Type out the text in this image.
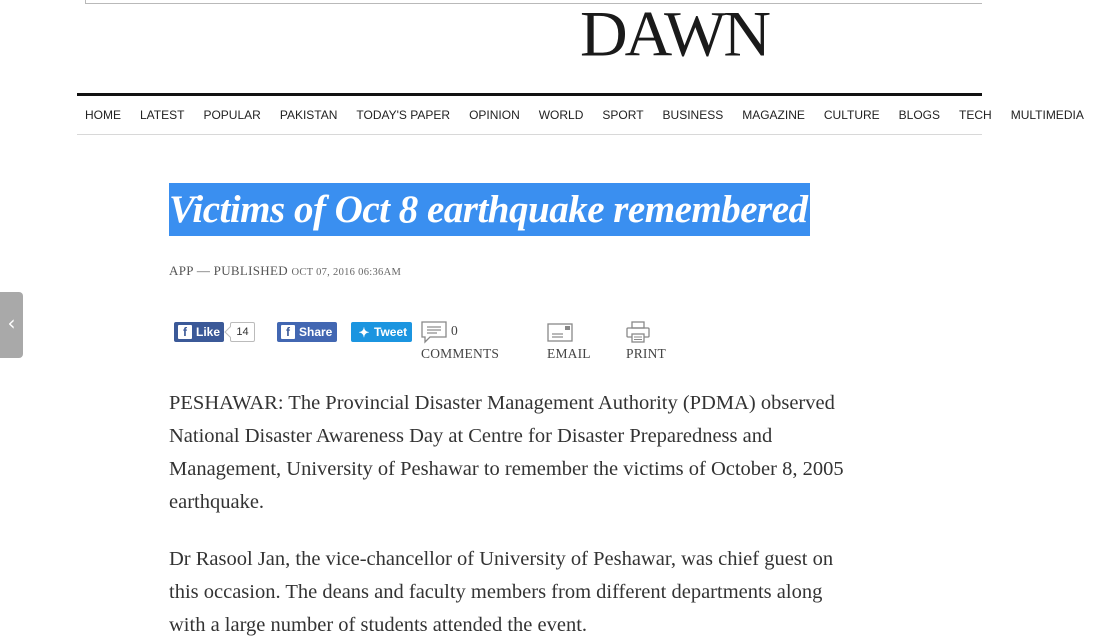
DAWN
HOME LATEST POPULAR PAKISTAN TODAY'S PAPER OPINION WORLD SPORT BUSINESS MAGAZINE CULTURE BLOGS TECH MULTIMEDIA
Victims of Oct 8 earthquake remembered
APP — PUBLISHED OCT 07, 2016 06:36AM
f Like	14	f Share	✦ Tweet	0 COMMENTS	EMAIL	PRINT

PESHAWAR: The Provincial Disaster Management Authority (PDMA) observed National Disaster Awareness Day at Centre for Disaster Preparedness and Management, University of Peshawar to remember the victims of October 8, 2005 earthquake.

Dr Rasool Jan, the vice-chancellor of University of Peshawar, was chief guest on this occasion. The deans and faculty members from different departments along with a large number of students attended the event.

‹
